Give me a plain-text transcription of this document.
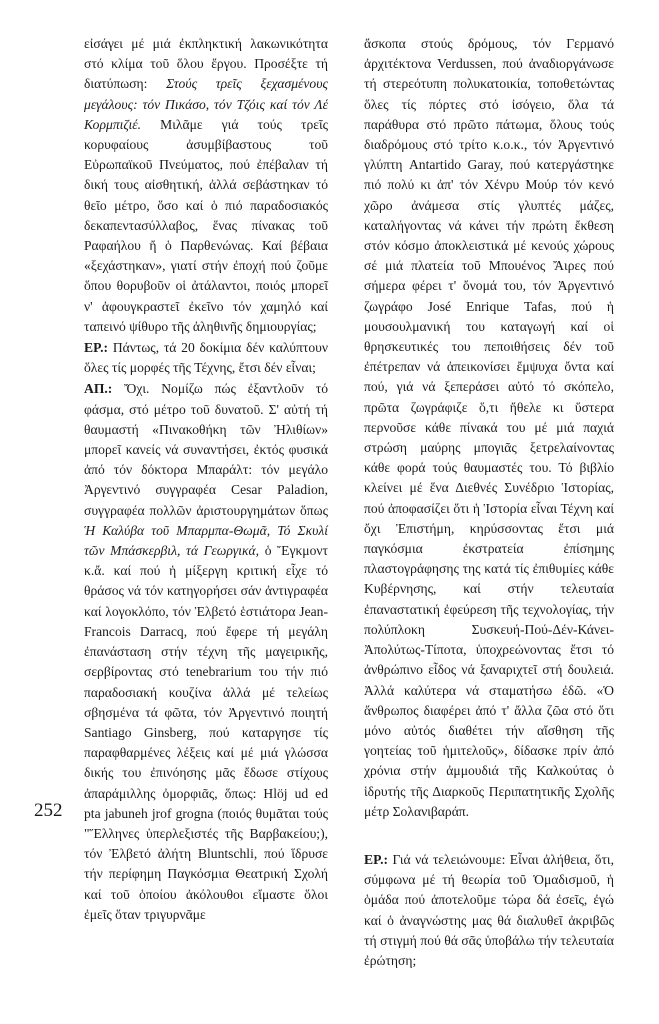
εἰσάγει μέ μιά ἐκπληκτική λακωνικότητα στό κλίμα τοῦ ὅλου ἔργου. Προσέξτε τή διατύπωση: Στούς τρεῖς ξεχασμένους μεγάλους: τόν Πικάσο, τόν Τζόις καί τόν Λέ Κορμπιζιέ. Μιλᾶμε γιά τούς τρεῖς κορυφαίους ἀσυμβίβαστους τοῦ Εὐρωπαϊκοῦ Πνεύματος, πού ἐπέβαλαν τή δική τους αἰσθητική, ἀλλά σεβάστηκαν τό θεῖο μέτρο, ὅσο καί ὁ πιό παραδοσιακός δεκαπεντασύλλαβος, ἕνας πίνακας τοῦ Ραφαήλου ἤ ὁ Παρθενώνας. Καί βέβαια «ξεχάστηκαν», γιατί στήν ἐποχή πού ζοῦμε ὅπου θορυβοῦν οἱ ἀτάλαντοι, ποιός μπορεῖ ν' ἀφουγκραστεῖ ἐκεῖνο τόν χαμηλό καί ταπεινό ψίθυρο τῆς ἀληθινῆς δημιουργίας;

ΕΡ.: Πάντως, τά 20 δοκίμια δέν καλύπτουν ὅλες τίς μορφές τῆς Τέχνης, ἔτσι δέν εἶναι;

ΑΠ.: Ὄχι. Νομίζω πώς ἐξαντλοῦν τό φάσμα, στό μέτρο τοῦ δυνατοῦ. Σ' αὐτή τή θαυμαστή «Πινακοθήκη τῶν Ἠλιθίων» μπορεῖ κανείς νά συναντήσει, ἐκτός φυσικά ἀπό τόν δόκτορα Μπαράλτ: τόν μεγάλο Ἀργεντινό συγγραφέα Cesar Paladion, συγγραφέα πολλῶν ἀριστουργημάτων ὅπως Ἡ Καλύβα τοῦ Μπαρμπα-Θωμᾶ, Τό Σκυλί τῶν Μπάσκερβιλ, τά Γεωργικά, ὁ Ἔγκμοντ κ.ἄ. καί πού ἡ μίξεργη κριτική εἶχε τό θράσος νά τόν κατηγορήσει σάν ἀντιγραφέα καί λογοκλόπο, τόν Ἐλβετό ἑστιάτορα Jean-Francois Darracq, πού ἔφερε τή μεγάλη ἐπανάσταση στήν τέχνη τῆς μαγειρικῆς, σερβίροντας στό tenebrarium του τήν πιό παραδοσιακή κουζίνα ἀλλά μέ τελείως σβησμένα τά φῶτα, τόν Ἀργεντινό ποιητή Santiago Ginsberg, πού καταργησε τίς παραφθαρμένες λέξεις καί μέ μιά γλώσσα δικής του ἐπινόησης μᾶς ἔδωσε στίχους ἀπαράμιλλης ὀμορφιᾶς, ὅπως: Hlöj ud ed pta jabuneh jrof grogna (ποιός θυμᾶται τούς "Ἕλληνες ὑπερλεξιστές τῆς Βαρβακείου;), τόν Ἐλβετό ἀλήτη Bluntschli, πού ἵδρυσε τήν περίφημη Παγκόσμια Θεατρική Σχολή καί τοῦ ὁποίου ἀκόλουθοι εἴμαστε ὅλοι ἐμεῖς ὅταν τριγυρνᾶμε

ἄσκοπα στούς δρόμους, τόν Γερμανό ἀρχιτέκτονα Verdussen, πού ἀναδιοργάνωσε τή στερεότυπη πολυκατοικία, τοποθετώντας ὅλες τίς πόρτες στό ἰσόγειο, ὅλα τά παράθυρα στό πρῶτο πάτωμα, ὅλους τούς διαδρόμους στό τρίτο κ.ο.κ., τόν Ἀργεντινό γλύπτη Antartido Garay, πού κατεργάστηκε πιό πολύ κι ἀπ' τόν Χένρυ Μούρ τόν κενό χῶρο ἀνάμεσα στίς γλυπτές μάζες, καταλήγοντας νά κάνει τήν πρώτη ἔκθεση στόν κόσμο ἀποκλειστικά μέ κενούς χώρους σέ μιά πλατεία τοῦ Μπουένος Ἄιρες πού σήμερα φέρει τ' ὄνομά του, τόν Ἀργεντινό ζωγράφο José Enrique Tafas, πού ἡ μουσουλμανική του καταγωγή καί οἱ θρησκευτικές του πεποιθήσεις δέν τοῦ ἐπέτρεπαν νά ἀπεικονίσει ἔμψυχα ὄντα καί πού, γιά νά ξεπεράσει αὐτό τό σκόπελο, πρῶτα ζωγράφιζε ὅ,τι ἤθελε κι ὕστερα περνοῦσε κάθε πίνακά του μέ μιά παχιά στρώση μαύρης μπογιᾶς ξετρελαίνοντας κάθε φορά τούς θαυμαστές του. Τό βιβλίο κλείνει μέ ἕνα Διεθνές Συνέδριο Ἱστορίας, πού ἀποφασίζει ὅτι ἡ Ἱστορία εἶναι Τέχνη καί ὄχι Ἐπιστήμη, κηρύσσοντας ἔτσι μιά παγκόσμια ἐκστρατεία ἐπίσημης πλαστογράφησης της κατά τίς ἐπιθυμίες κάθε Κυβέρνησης, καί στήν τελευταία ἐπαναστατική ἐφεύρεση τῆς τεχνολογίας, τήν πολύπλοκη Συσκευή-Πού-Δέν-Κάνει-Ἀπολύτως-Τίποτα, ὑποχρεώνοντας ἔτσι τό ἀνθρώπινο εἶδος νά ξαναριχτεῖ στή δουλειά. Ἀλλά καλύτερα νά σταματήσω ἐδῶ. «Ὁ ἄνθρωπος διαφέρει ἀπό τ' ἄλλα ζῶα στό ὅτι μόνο αὐτός διαθέτει τήν αἴσθηση τῆς γοητείας τοῦ ἡμιτελοῦς», δίδασκε πρίν ἀπό χρόνια στήν ἀμμουδιά τῆς Καλκούτας ὁ ἱδρυτής τῆς Διαρκοῦς Περιπατητικῆς Σχολῆς μέτρ Σολανιβαράπ.

ΕΡ.: Γιά νά τελειώνουμε: Εἶναι ἀλήθεια, ὅτι, σύμφωνα μέ τή θεωρία τοῦ Ὁμαδισμοῦ, ἡ ὁμάδα πού ἀποτελοῦμε τώρα δά ἐσεῖς, ἐγώ καί ὁ ἀναγνώστης μας θά διαλυθεῖ ἀκριβῶς τή στιγμή πού θά σᾶς ὑποβάλω τήν τελευταία ἐρώτηση;

252
